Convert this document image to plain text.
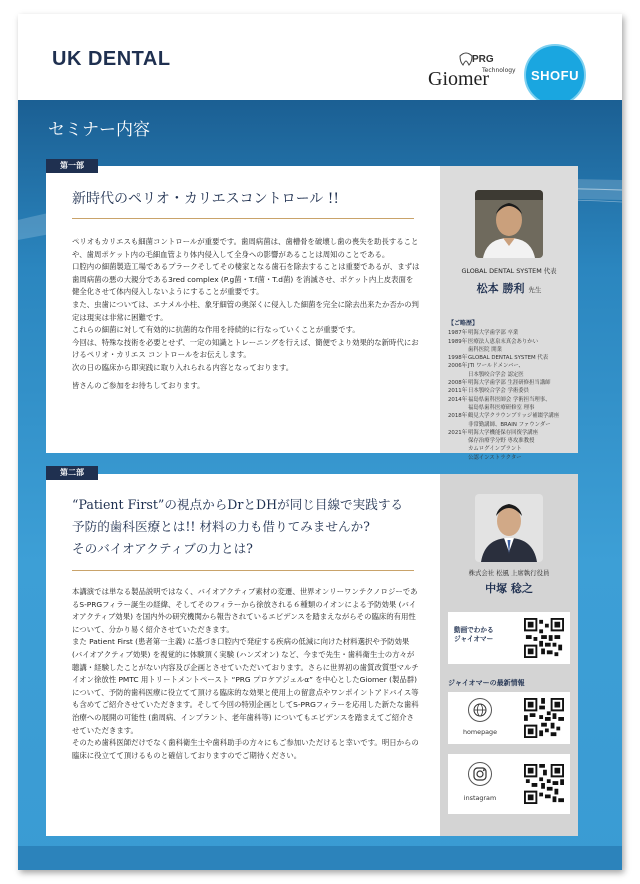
UK DENTAL
Giomer
PRG
Technology	SHOFU
セミナー内容
新時代のペリオ・カリエスコントロール !!

ペリオもカリエスも細菌コントロールが重要です。歯周病菌は、歯槽骨を破壊し歯の喪失を助長することや、歯周ポケット内の毛細血管より体内侵入して全身への影響があることは周知のことである。

口腔内の細菌製造工場であるプラークそしてその棲家となる歯石を除去することは重要であるが、まずは歯周病菌の悪の大親分である3red complex (P.g菌・T.f菌・T.d菌) を消滅させ、ポケット内上皮表面を健全化させて体内侵入しないようにすることが重要です。

また、虫歯については、エナメル小柱、象牙細管の奥深くに侵入した細菌を完全に除去出来たか否かの判定は現実は非常に困難です。

これらの細菌に対して有効的に抗菌的な作用を持続的に行なっていくことが重要です。

今回は、特殊な技術を必要とせず、一定の知識とトレーニングを行えば、簡便でより効果的な新時代におけるペリオ・カリエス コントロールをお伝えします。

次の日の臨床から即実践に取り入れられる内容となっております。

皆さんのご参加をお待ちしております。

GLOBAL DENTAL SYSTEM 代表
松本 勝利 先生
【ご略歴】
1987年 明海大学歯学部 卒業
1989年 医療法人恵泉末真会ありかい
歯科医院 開業
1998年 GLOBAL DENTAL SYSTEM 代表
2006年 JTI ワールドメンバー、
日本顎咬合学会 認定医
2008年 明海大学歯学部 生涯研修担当講師
2011年 日本顎咬合学会 学術委員
2014年 福島県歯科医師会 学術担当理事、
福島県歯科医療研修室 理事
2018年 鶴見大学クラウンブリッジ補綴学講座
非常勤講師、BRAIN ファウンダー
2021年 明海大学機能保存回復学講座
保存治療学分野 専攻准教授
カムログインプラント
公認インストラクター
第一部
“Patient First”の視点からDrとDHが同じ目線で実践する
予防的歯科医療とは!! 材料の力も借りてみませんか?
そのバイオアクティブの力とは?

本講演では単なる製品説明ではなく、バイオアクティブ素材の変遷、世界オンリーワンテクノロジーであるS-PRGフィラー誕生の経緯、そしてそのフィラーから徐放される６種類のイオンによる予防効果 (バイオアクティブ効果) を国内外の研究機関から報告されているエビデンスを踏まえながらその臨床的有用性について、分かり易く紹介させていただきます。

また Patient First (患者第一主義) に基づき口腔内で発症する疾病の低減に向けた材料選択や予防効果 (バイオアクティブ効果) を視覚的に体験頂く実験 (ハンズオン) など、今まで先生・歯科衛生士の方々が聴講・経験したことがない内容及び企画とさせていただいております。さらに世界初の歯質改質型マルチイオン徐放性 PMTC 用トリートメントペースト “PRG プロケアジェルα” を中心としたGiomer (製品群) について、予防的歯科医療に役立てて頂ける臨床的な効果と使用上の留意点やワンポイントアドバイス等も含めてご紹介させていただきます。そして今回の特別企画としてS-PRGフィラーを応用した新たな歯科治療への展開の可能性 (歯周病、インプラント、老年歯科等) についてもエビデンスを踏まえてご紹介させていただきます。

そのため歯科医師だけでなく歯科衛生士や歯科助手の方々にもご参加いただけると幸いです。明日からの臨床に役立てて頂けるものと確信しておりますのでご期待ください。

株式会社 松風 上席執行役員
中塚 稔之
動画でわかる
ジャイオマー
ジャイオマーの最新情報
homepage
instagram
第二部
